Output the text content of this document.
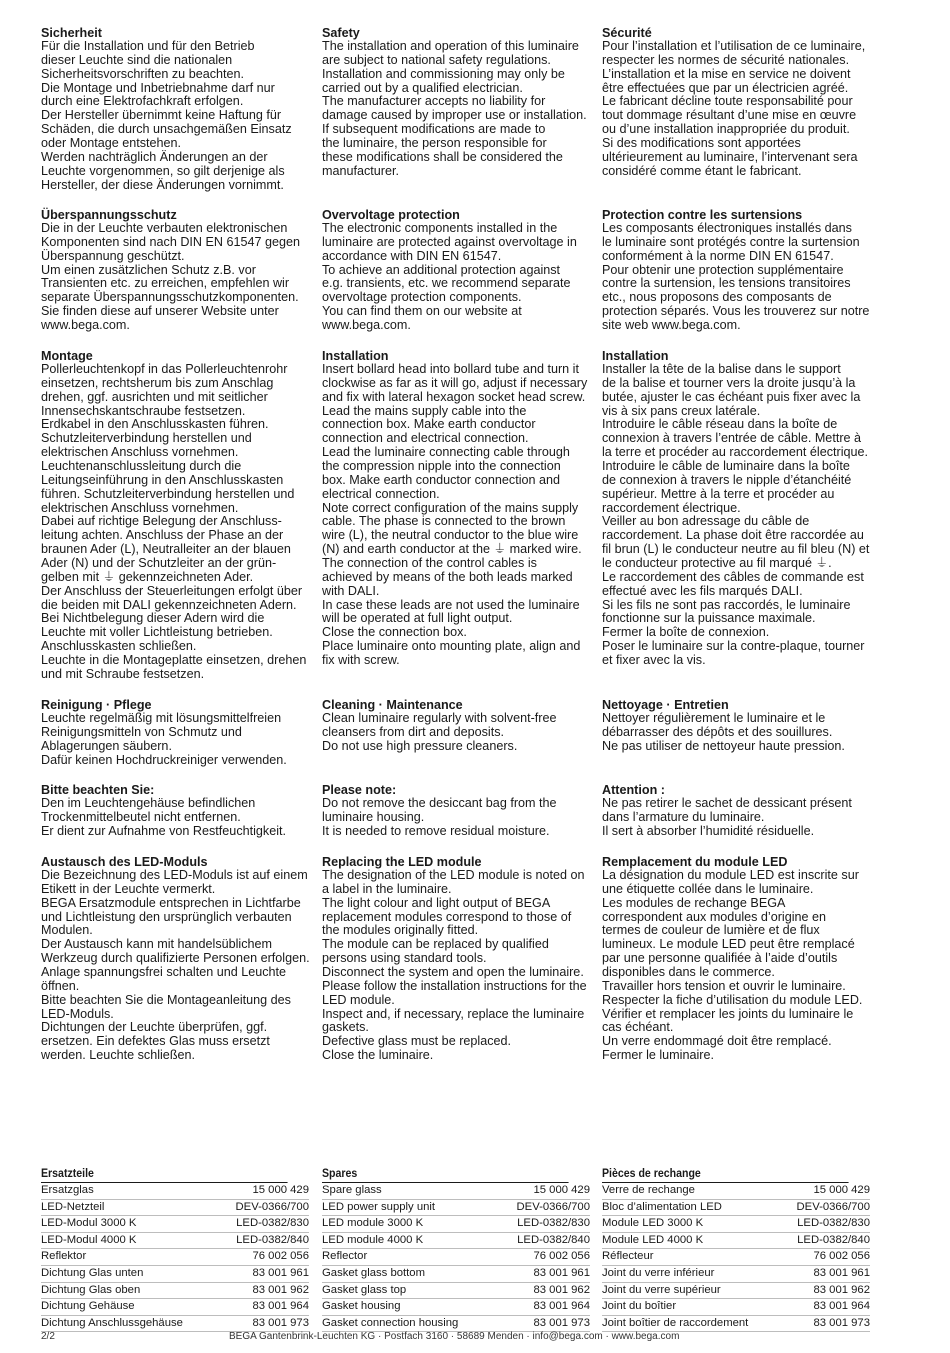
Sicherheit
Für die Installation und für den Betrieb
dieser Leuchte sind die nationalen
Sicherheitsvorschriften zu beachten.
Die Montage und Inbetriebnahme darf nur
durch eine Elektrofachkraft erfolgen.
Der Hersteller übernimmt keine Haftung für
Schäden, die durch unsachgemäßen Einsatz
oder Montage entstehen.
Werden nachträglich Änderungen an der
Leuchte vorgenommen, so gilt derjenige als
Hersteller, der diese Änderungen vornimmt.
Überspannungsschutz
Die in der Leuchte verbauten elektronischen
Komponenten sind nach DIN EN 61547 gegen
Überspannung geschützt.
Um einen zusätzlichen Schutz z.B. vor
Transienten etc. zu erreichen, empfehlen wir
separate Überspannungsschutzkomponenten.
Sie finden diese auf unserer Website unter
www.bega.com.
Montage
Pollerleuchtenkopf in das Pollerleuchtenrohr
einsetzen, rechtsherum bis zum Anschlag
drehen, ggf. ausrichten und mit seitlicher
Innensechskantschraube festsetzen.
Erdkabel in den Anschlusskasten führen.
Schutzleiterverbindung herstellen und
elektrischen Anschluss vornehmen.
Leuchtenanschlussleitung durch die
Leitungseinführung in den Anschlusskasten
führen. Schutzleiterverbindung herstellen und
elektrischen Anschluss vornehmen.
Dabei auf richtige Belegung der Anschluss-
leitung achten. Anschluss der Phase an der
braunen Ader (L), Neutralleiter an der blauen
Ader (N) und der Schutzleiter an der grün-
gelben mit ⏚ gekennzeichneten Ader.
Der Anschluss der Steuerleitungen erfolgt über
die beiden mit DALI gekennzeichneten Adern.
Bei Nichtbelegung dieser Adern wird die
Leuchte mit voller Lichtleistung betrieben.
Anschlusskasten schließen.
Leuchte in die Montageplatte einsetzen, drehen
und mit Schraube festsetzen.
Reinigung · Pflege
Leuchte regelmäßig mit lösungsmittelfreien
Reinigungsmitteln von Schmutz und
Ablagerungen säubern.
Dafür keinen Hochdruckreiniger verwenden.
Bitte beachten Sie:
Den im Leuchtengehäuse befindlichen
Trockenmittelbeutel nicht entfernen.
Er dient zur Aufnahme von Restfeuchtigkeit.
Austausch des LED-Moduls
Die Bezeichnung des LED-Moduls ist auf einem
Etikett in der Leuchte vermerkt.
BEGA Ersatzmodule entsprechen in Lichtfarbe
und Lichtleistung den ursprünglich verbauten
Modulen.
Der Austausch kann mit handelsüblichem
Werkzeug durch qualifizierte Personen erfolgen.
Anlage spannungsfrei schalten und Leuchte
öffnen.
Bitte beachten Sie die Montageanleitung des
LED-Moduls.
Dichtungen der Leuchte überprüfen, ggf.
ersetzen. Ein defektes Glas muss ersetzt
werden. Leuchte schließen.
Safety
The installation and operation of this luminaire
are subject to national safety regulations.
Installation and commissioning may only be
carried out by a qualified electrician.
The manufacturer accepts no liability for
damage caused by improper use or installation.
If subsequent modifications are made to
the luminaire, the person responsible for
these modifications shall be considered the
manufacturer.
Overvoltage protection
The electronic components installed in the
luminaire are protected against overvoltage in
accordance with DIN EN 61547.
To achieve an additional protection against
e.g. transients, etc. we recommend separate
overvoltage protection components.
You can find them on our website at
www.bega.com.
Installation
Insert bollard head into bollard tube and turn it
clockwise as far as it will go, adjust if necessary
and fix with lateral hexagon socket head screw.
Lead the mains supply cable into the
connection box. Make earth conductor
connection and electrical connection.
Lead the luminaire connecting cable through
the compression nipple into the connection
box. Make earth conductor connection and
electrical connection.
Note correct configuration of the mains supply
cable. The phase is connected to the brown
wire (L), the neutral conductor to the blue wire
(N) and earth conductor at the ⏚ marked wire.
The connection of the control cables is
achieved by means of the both leads marked
with DALI.
In case these leads are not used the luminaire
will be operated at full light output.
Close the connection box.
Place luminaire onto mounting plate, align and
fix with screw.
Cleaning · Maintenance
Clean luminaire regularly with solvent-free
cleansers from dirt and deposits.
Do not use high pressure cleaners.
Please note:
Do not remove the desiccant bag from the
luminaire housing.
It is needed to remove residual moisture.
Replacing the LED module
The designation of the LED module is noted on
a label in the luminaire.
The light colour and light output of BEGA
replacement modules correspond to those of
the modules originally fitted.
The module can be replaced by qualified
persons using standard tools.
Disconnect the system and open the luminaire.
Please follow the installation instructions for the
LED module.
Inspect and, if necessary, replace the luminaire
gaskets.
Defective glass must be replaced.
Close the luminaire.
Sécurité
Pour l’installation et l’utilisation de ce luminaire,
respecter les normes de sécurité nationales.
L’installation et la mise en service ne doivent
être effectuées que par un électricien agréé.
Le fabricant décline toute responsabilité pour
tout dommage résultant d’une mise en œuvre
ou d’une installation inappropriée du produit.
Si des modifications sont apportées
ultérieurement au luminaire, l’intervenant sera
considéré comme étant le fabricant.
Protection contre les surtensions
Les composants électroniques installés dans
le luminaire sont protégés contre la surtension
conformément à la norme DIN EN 61547.
Pour obtenir une protection supplémentaire
contre la surtension, les tensions transitoires
etc., nous proposons des composants de
protection séparés. Vous les trouverez sur notre
site web www.bega.com.
Installation
Installer la tête de la balise dans le support
de la balise et tourner vers la droite jusqu’à la
butée, ajuster le cas échéant puis fixer avec la
vis à six pans creux latérale.
Introduire le câble réseau dans la boîte de
connexion à travers l’entrée de câble. Mettre à
la terre et procéder au raccordement électrique.
Introduire le câble de luminaire dans la boîte
de connexion à travers le nipple d’étanchéité
supérieur. Mettre à la terre et procéder au
raccordement électrique.
Veiller au bon adressage du câble de
raccordement. La phase doit être raccordée au
fil brun (L) le conducteur neutre au fil bleu (N) et
le conducteur protective au fil marqué ⏚.
Le raccordement des câbles de commande est
effectué avec les fils marqués DALI.
Si les fils ne sont pas raccordés, le luminaire
fonctionne sur la puissance maximale.
Fermer la boîte de connexion.
Poser le luminaire sur la contre-plaque, tourner
et fixer avec la vis.
Nettoyage · Entretien
Nettoyer régulièrement le luminaire et le
débarrasser des dépôts et des souillures.
Ne pas utiliser de nettoyeur haute pression.
Attention :
Ne pas retirer le sachet de dessicant présent
dans l’armature du luminaire.
Il sert à absorber l’humidité résiduelle.
Remplacement du module LED
La désignation du module LED est inscrite sur
une étiquette collée dans le luminaire.
Les modules de rechange BEGA
correspondent aux modules d’origine en
termes de couleur de lumière et de flux
lumineux. Le module LED peut être remplacé
par une personne qualifiée à l’aide d’outils
disponibles dans le commerce.
Travailler hors tension et ouvrir le luminaire.
Respecter la fiche d’utilisation du module LED.
Vérifier et remplacer les joints du luminaire le
cas échéant.
Un verre endommagé doit être remplacé.
Fermer le luminaire.
Ersatzteile
Ersatzglas	15 000 429
LED-Netzteil	DEV-0366/700
LED-Modul 3000 K	LED-0382/830
LED-Modul 4000 K	LED-0382/840
Reflektor	76 002 056
Dichtung Glas unten	83 001 961
Dichtung Glas oben	83 001 962
Dichtung Gehäuse	83 001 964
Dichtung Anschlussgehäuse	83 001 973
Spares
Spare glass	15 000 429
LED power supply unit	DEV-0366/700
LED module 3000 K	LED-0382/830
LED module 4000 K	LED-0382/840
Reflector	76 002 056
Gasket glass bottom	83 001 961
Gasket glass top	83 001 962
Gasket housing	83 001 964
Gasket connection housing	83 001 973
Pièces de rechange
Verre de rechange	15 000 429
Bloc d’alimentation LED	DEV-0366/700
Module LED 3000 K	LED-0382/830
Module LED 4000 K	LED-0382/840
Réflecteur	76 002 056
Joint du verre inférieur	83 001 961
Joint du verre supérieur	83 001 962
Joint du boîtier	83 001 964
Joint boîtier de raccordement	83 001 973
2/2	BEGA Gantenbrink-Leuchten KG · Postfach 3160 · 58689 Menden · info@bega.com · www.bega.com
